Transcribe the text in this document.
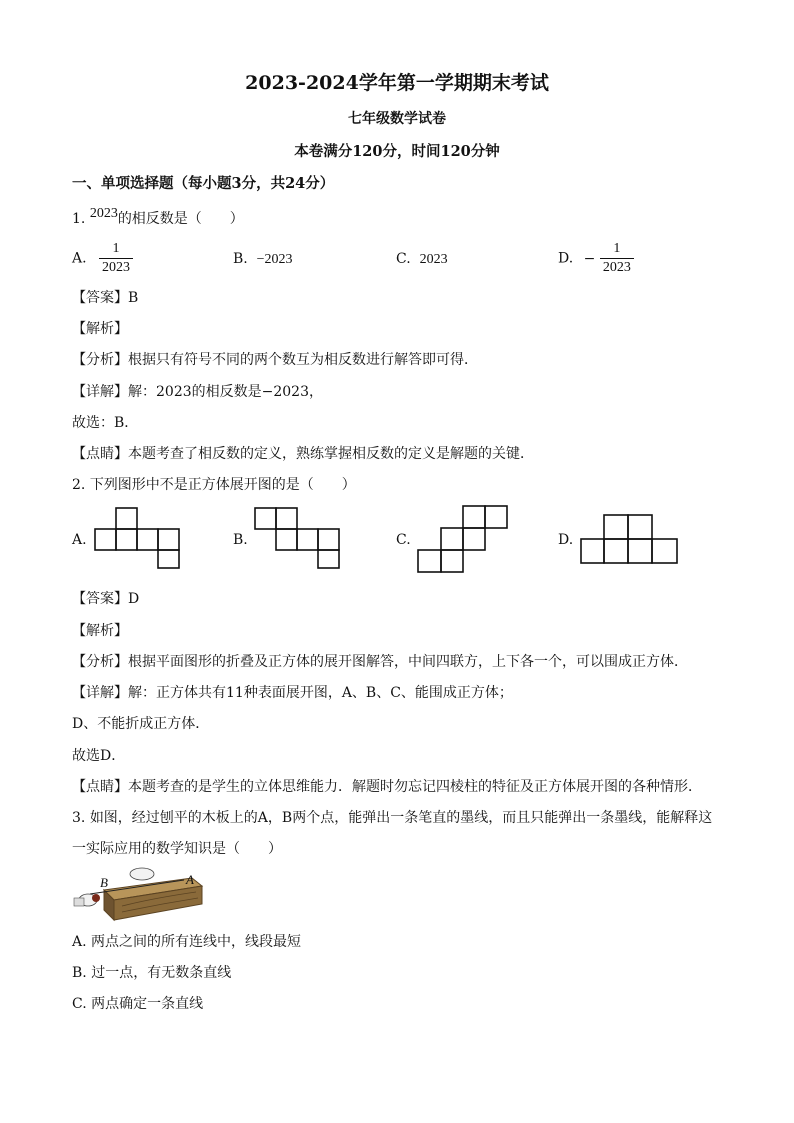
2023-2024学年第一学期期末考试
七年级数学试卷
本卷满分120分，时间120分钟
一、单项选择题（每小题3分，共24分）
1. 2023的相反数是（　　）
A. $\frac{1}{2023}$	B. −2023	C. 2023	D. − $\frac{1}{2023}$
【答案】B
【解析】
【分析】根据只有符号不同的两个数互为相反数进行解答即可得．
【详解】解：2023的相反数是−2023，
故选：B．
【点睛】本题考查了相反数的定义，熟练掌握相反数的定义是解题的关键．
2. 下列图形中不是正方体展开图的是（　　）
A.	B.	C.	D.
【答案】D
【解析】
【分析】根据平面图形的折叠及正方体的展开图解答，中间四联方，上下各一个，可以围成正方体．
【详解】解：正方体共有11种表面展开图，A、B、C、能围成正方体；
D、不能折成正方体．
故选D．
【点睛】本题考查的是学生的立体思维能力．解题时勿忘记四棱柱的特征及正方体展开图的各种情形．
3. 如图，经过刨平的木板上的A，B两个点，能弹出一条笔直的墨线，而且只能弹出一条墨线，能解释这
一实际应用的数学知识是（　　）
B	A
A. 两点之间的所有连线中，线段最短
B. 过一点，有无数条直线
C. 两点确定一条直线
